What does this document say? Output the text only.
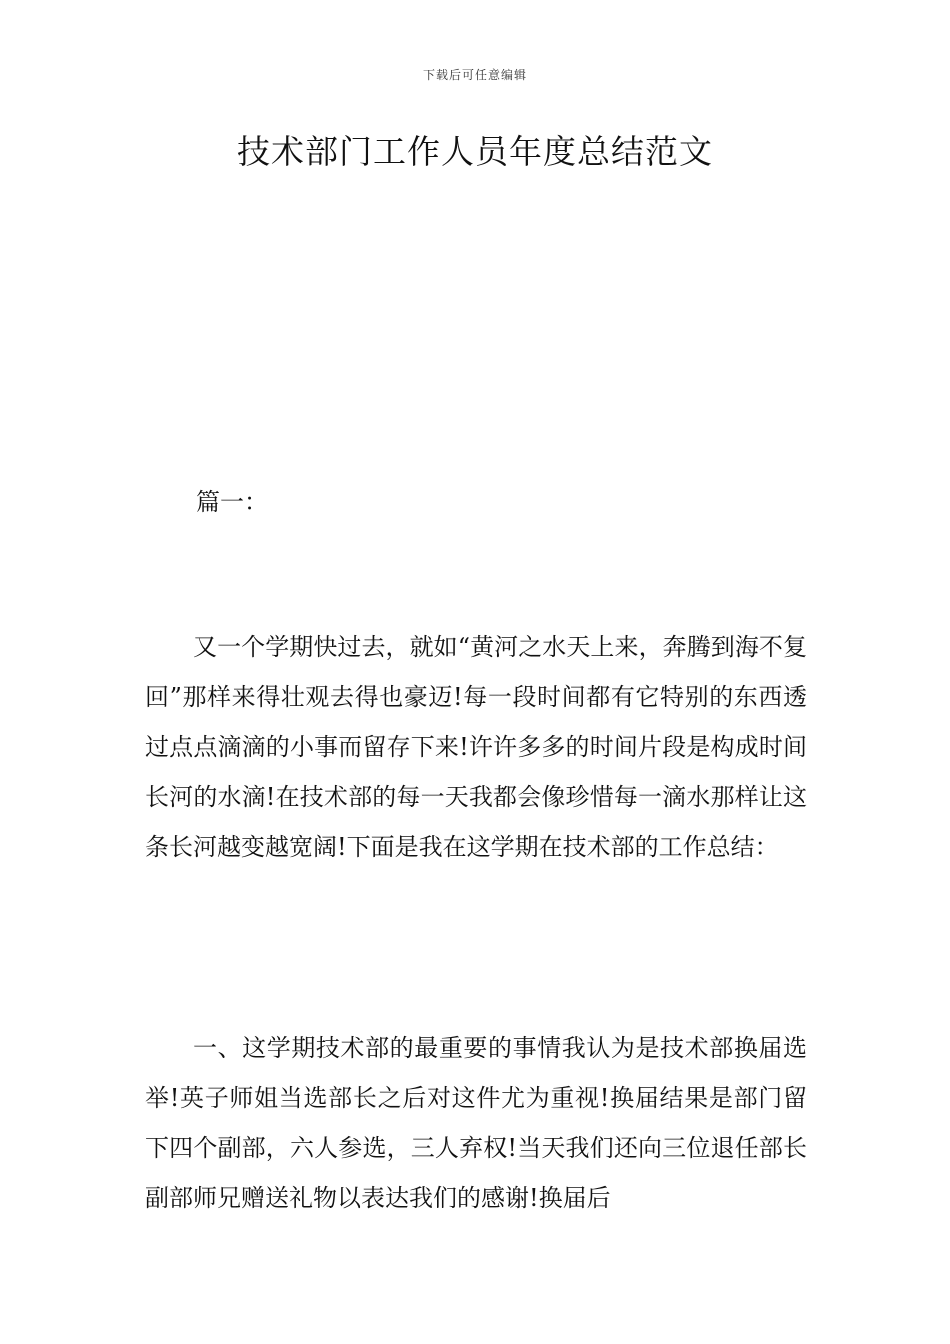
下载后可任意编辑
技术部门工作人员年度总结范文
篇一：

又一个学期快过去，就如“黄河之水天上来，奔腾到海不复回”那样来得壮观去得也豪迈!每一段时间都有它特别的东西透过点点滴滴的小事而留存下来!许许多多的时间片段是构成时间长河的水滴!在技术部的每一天我都会像珍惜每一滴水那样让这条长河越变越宽阔!下面是我在这学期在技术部的工作总结：

一、这学期技术部的最重要的事情我认为是技术部换届选举!英子师姐当选部长之后对这件尤为重视!换届结果是部门留下四个副部，六人参选，三人弃权!当天我们还向三位退任部长副部师兄赠送礼物以表达我们的感谢!换届后
